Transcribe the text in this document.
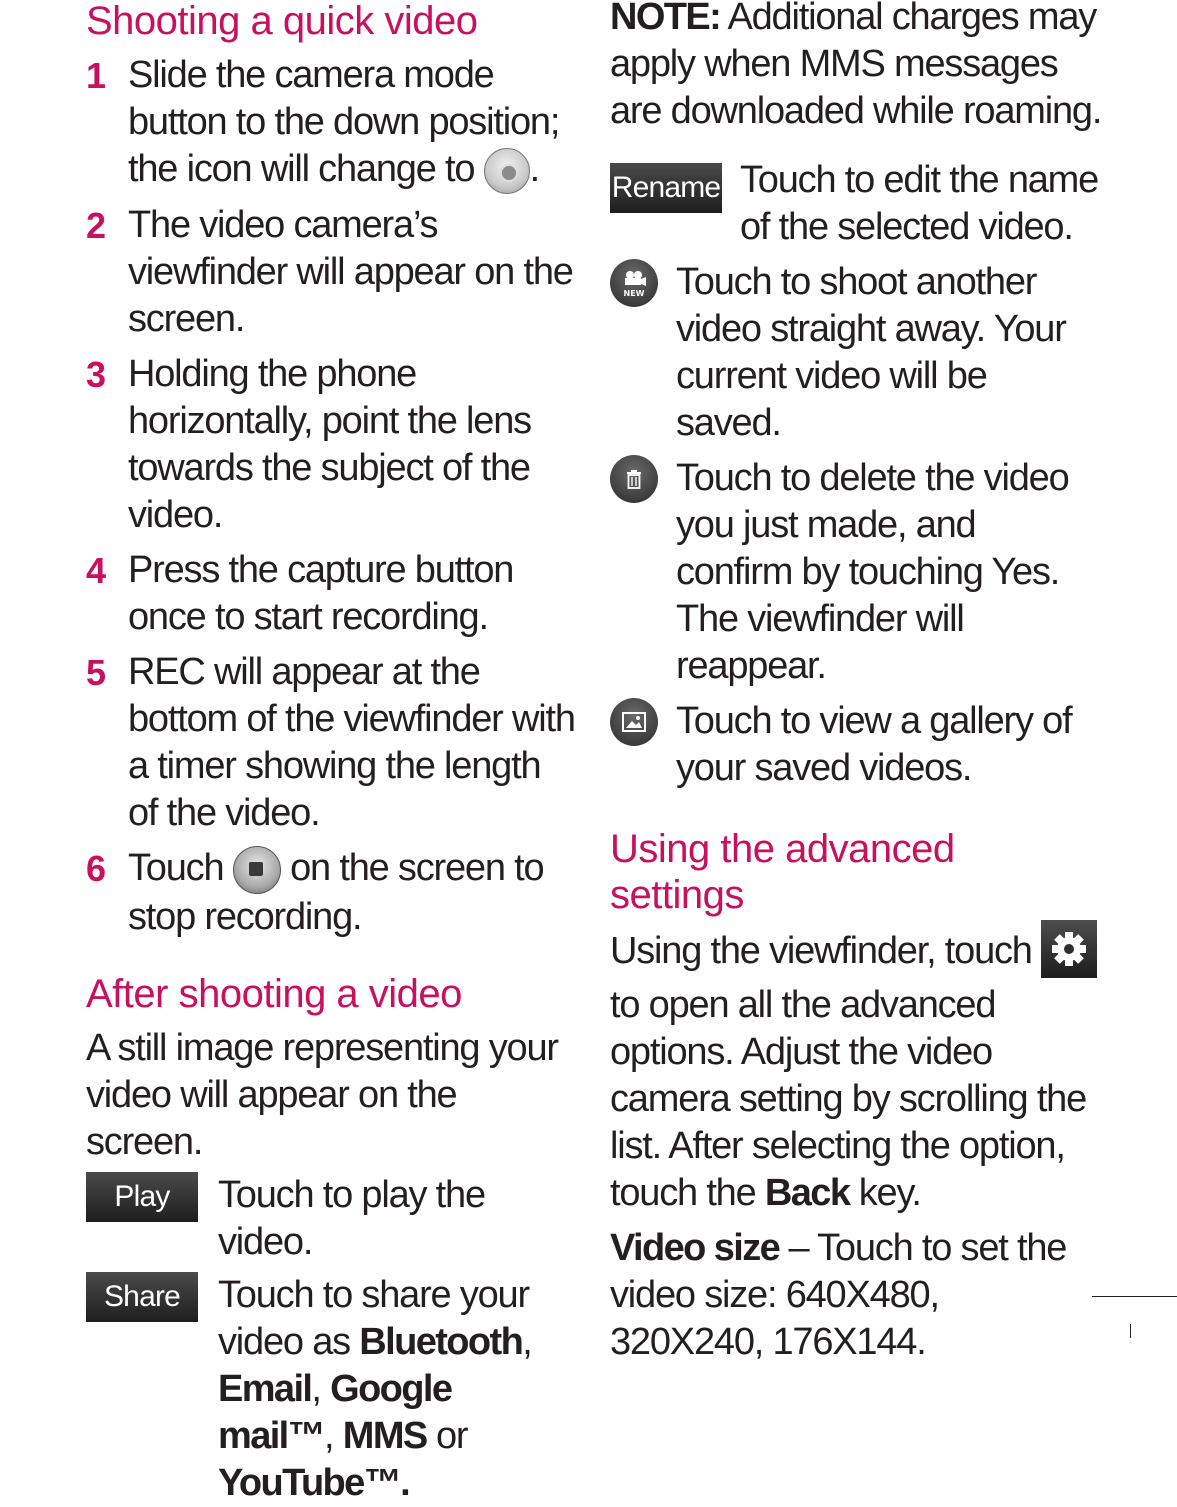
Shooting a quick video
1 Slide the camera mode button to the down position; the icon will change to .
2 The video camera’s viewfinder will appear on the screen.
3 Holding the phone horizontally, point the lens towards the subject of the video.
4 Press the capture button once to start recording.
5 REC will appear at the bottom of the viewfinder with a timer showing the length of the video.
6 Touch  on the screen to stop recording.
After shooting a video
A still image representing your video will appear on the screen.
Play	Touch to play the video.
Share Touch to share your video as Bluetooth, Email, Google mail™, MMS or YouTube™.
NOTE: Additional charges may apply when MMS messages are downloaded while roaming.
Rename Touch to edit the name of the selected video.
NEW Touch to shoot another video straight away. Your current video will be saved.
Touch to delete the video you just made, and confirm by touching Yes. The viewfinder will reappear.
Touch to view a gallery of your saved videos.
Using the advanced settings
Using the viewfinder, touch  to open all the advanced options. Adjust the video camera setting by scrolling the list. After selecting the option, touch the Back key.
Video size – Touch to set the video size: 640X480, 320X240, 176X144.
